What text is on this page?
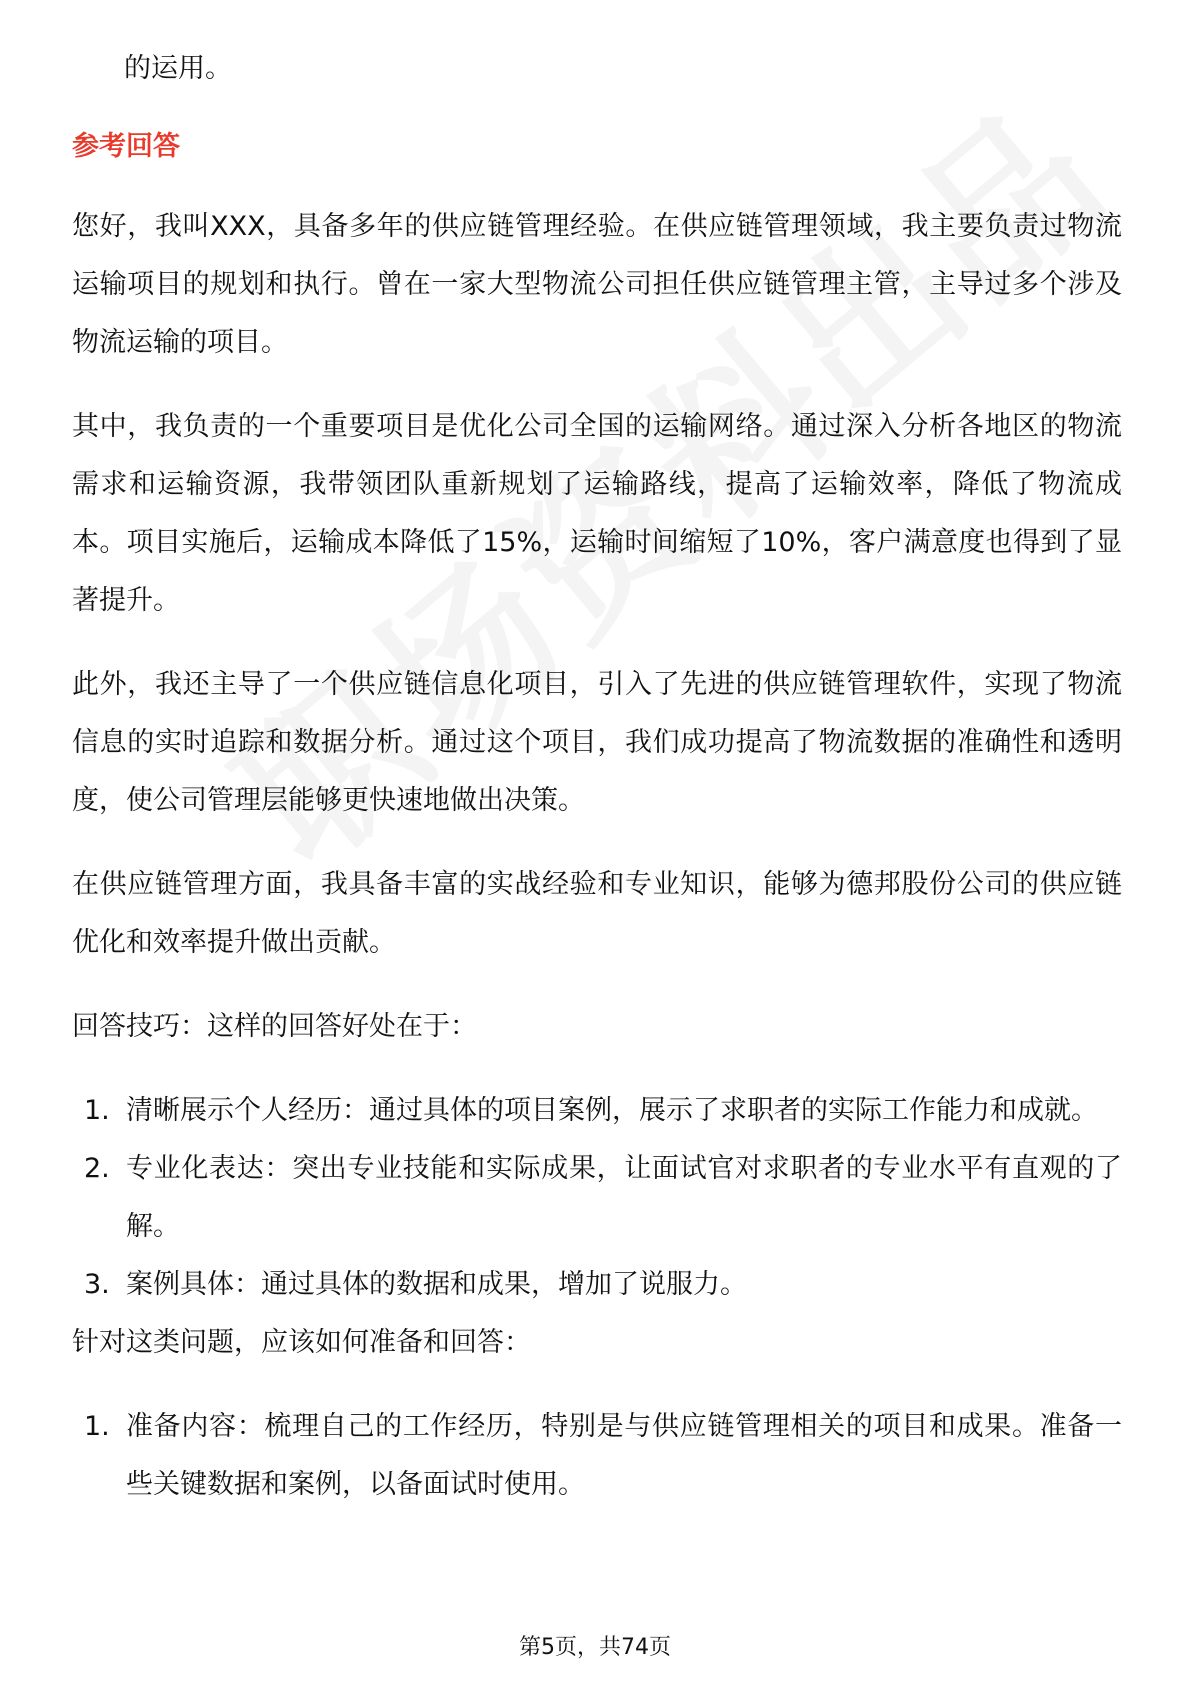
的运用。

参考回答

您好，我叫XXX，具备多年的供应链管理经验。在供应链管理领域，我主要负责过物流运输项目的规划和执行。曾在一家大型物流公司担任供应链管理主管，主导过多个涉及物流运输的项目。

其中，我负责的一个重要项目是优化公司全国的运输网络。通过深入分析各地区的物流需求和运输资源，我带领团队重新规划了运输路线，提高了运输效率，降低了物流成本。项目实施后，运输成本降低了15%，运输时间缩短了10%，客户满意度也得到了显著提升。

此外，我还主导了一个供应链信息化项目，引入了先进的供应链管理软件，实现了物流信息的实时追踪和数据分析。通过这个项目，我们成功提高了物流数据的准确性和透明度，使公司管理层能够更快速地做出决策。

在供应链管理方面，我具备丰富的实战经验和专业知识，能够为德邦股份公司的供应链优化和效率提升做出贡献。

回答技巧：这样的回答好处在于：

1. 清晰展示个人经历：通过具体的项目案例，展示了求职者的实际工作能力和成就。
2. 专业化表达：突出专业技能和实际成果，让面试官对求职者的专业水平有直观的了解。
3. 案例具体：通过具体的数据和成果，增加了说服力。

针对这类问题，应该如何准备和回答：

1. 准备内容：梳理自己的工作经历，特别是与供应链管理相关的项目和成果。准备一些关键数据和案例，以备面试时使用。
第5页，共74页
